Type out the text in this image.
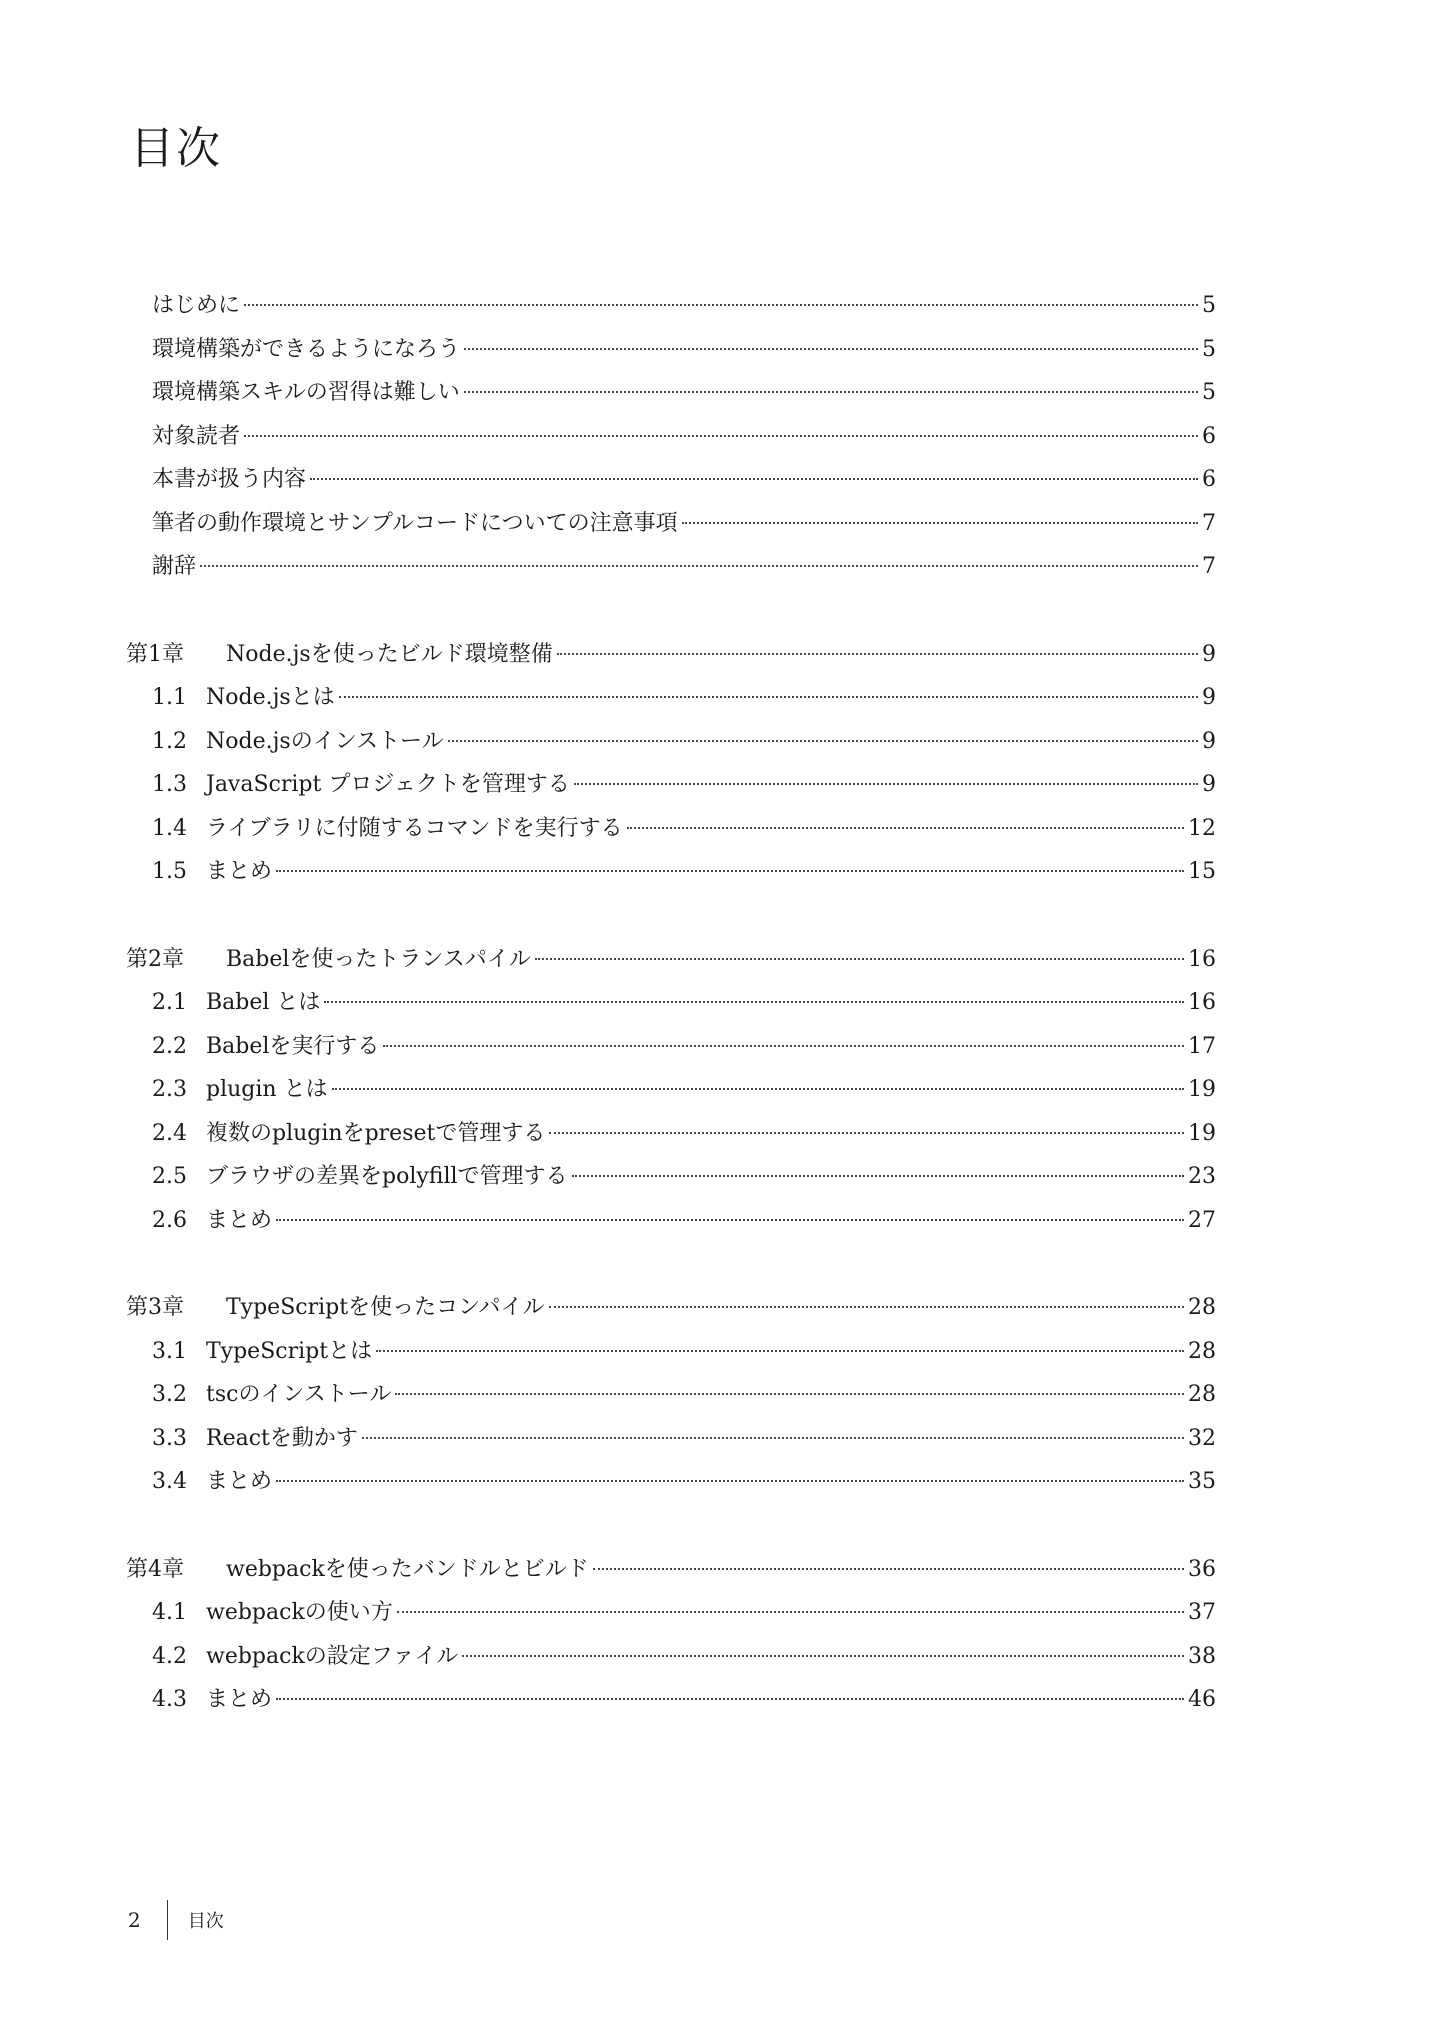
目次
はじめに	5
環境構築ができるようになろう	5
環境構築スキルの習得は難しい	5
対象読者	6
本書が扱う内容	6
筆者の動作環境とサンプルコードについての注意事項	7
謝辞	7
第1章	Node.jsを使ったビルド環境整備	9
1.1 Node.jsとは	9
1.2 Node.jsのインストール	9
1.3 JavaScript プロジェクトを管理する	9
1.4 ライブラリに付随するコマンドを実行する	12
1.5 まとめ	15
第2章	Babelを使ったトランスパイル	16
2.1 Babel とは	16
2.2 Babelを実行する	17
2.3 plugin とは	19
2.4 複数のpluginをpresetで管理する	19
2.5 ブラウザの差異をpolyfillで管理する	23
2.6 まとめ	27
第3章	TypeScriptを使ったコンパイル	28
3.1 TypeScriptとは	28
3.2 tscのインストール	28
3.3 Reactを動かす	32
3.4 まとめ	35
第4章	webpackを使ったバンドルとビルド	36
4.1 webpackの使い方	37
4.2 webpackの設定ファイル	38
4.3 まとめ	46
2	目次
